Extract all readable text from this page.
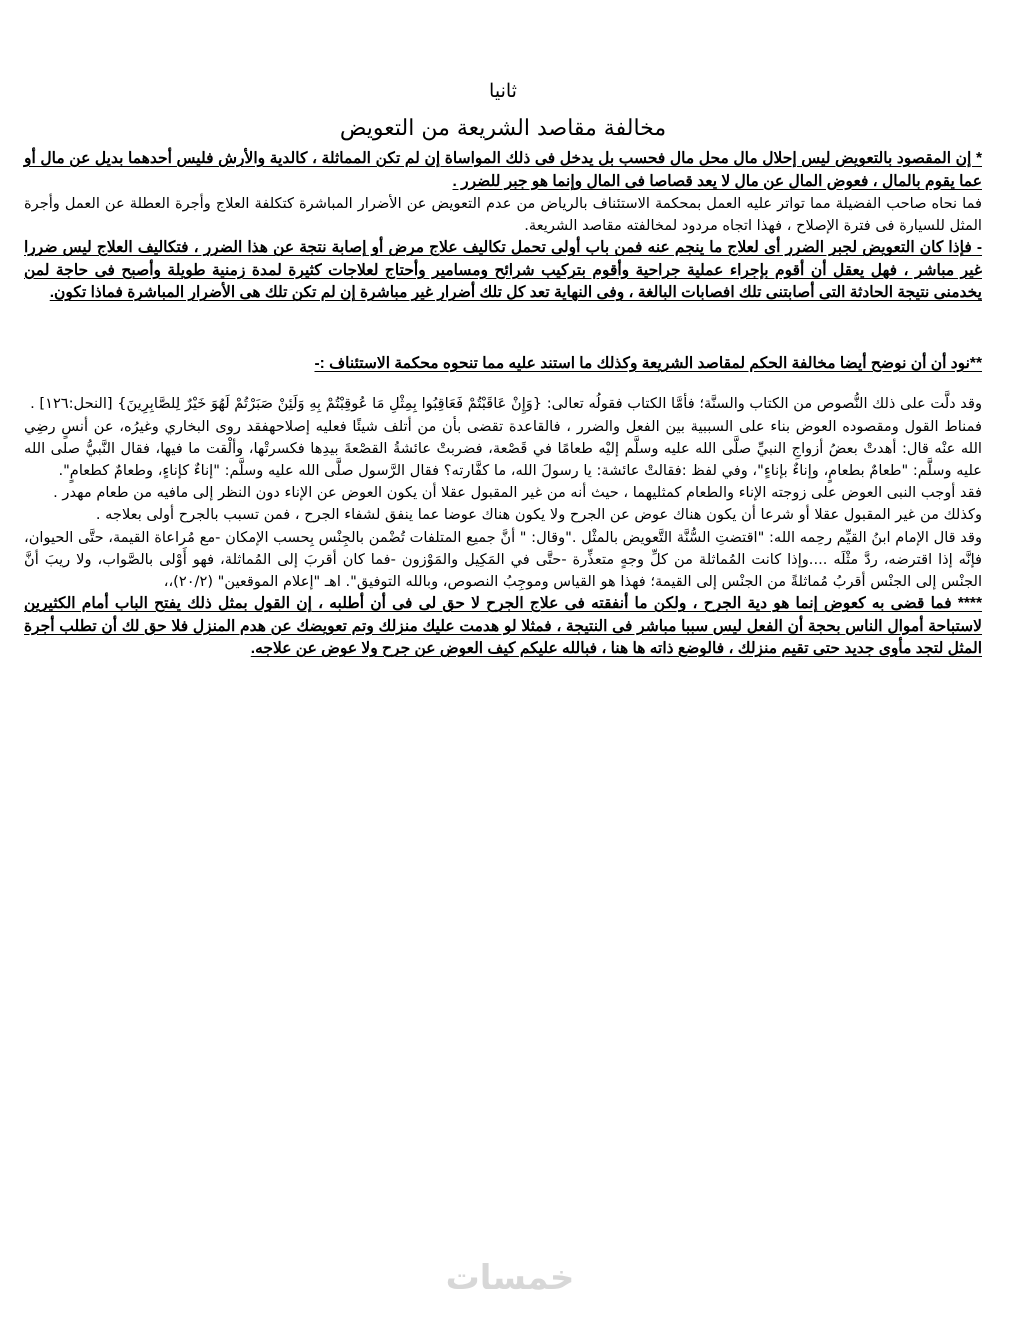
ثانيا
مخالفة مقاصد الشريعة من التعويض

* إن المقصود بالتعويض ليس إحلال مال محل مال فحسب بل يدخل فى ذلك المواساة إن لم تكن المماثلة ، كالدية والأرش فليس أحدهما بديل عن مال أو عما يقوم بالمال ، فعوض المال عن مال لا يعد قصاصا فى المال وإنما هو جبر للضرر .

فما نحاه صاحب الفضيلة مما تواتر عليه العمل بمحكمة الاستئناف بالرياض من عدم التعويض عن الأضرار المباشرة كتكلفة العلاج وأجرة العطلة عن العمل وأجرة المثل للسيارة فى فترة الإصلاح ، فهذا اتجاه مردود لمخالفته مقاصد الشريعة.

- فإذا كان التعويض لجبر الضرر أى لعلاج ما ينجم عنه فمن باب أولى تحمل تكاليف علاج مرض أو إصابة نتجة عن هذا الضرر ، فتكاليف العلاج ليس ضررا غير مباشر ، فهل يعقل أن أقوم بإجراء عملية جراحية وأقوم بتركيب شرائح ومسامير وأحتاج لعلاجات كثيرة لمدة زمنية طويلة وأصبح فى حاجة لمن يخدمنى نتيجة الحادثة التى أصابتنى تلك افصابات البالغة ، وفى النهاية تعد كل تلك أضرار غير مباشرة إن لم تكن تلك هى الأضرار المباشرة فماذا تكون.

**نود أن أن نوضح أيضا مخالفة الحكم لمقاصد الشريعة وكذلك ما استند عليه مما تنحوه محكمة الاستئناف :-

وقد دلَّت على ذلك النُّصوص من الكتاب والسنَّة؛ فأمَّا الكتاب فقولُه تعالى: {وَإِنْ عَاقَبْتُمْ فَعَاقِبُوا بِمِثْلِ مَا عُوقِبْتُمْ بِهِ وَلَئِنْ صَبَرْتُمْ لَهُوَ خَيْرٌ لِلصَّابِرِينَ} [النحل:١٢٦] .

فمناط القول ومقصوده العوض بناء على السببية بين الفعل والضرر ، فالقاعدة تقضى بأن من أتلف شيئًا فعليه إصلاحهفقد روى البخاري وغيرُه، عن أنسٍ رضِي الله عنْه قال: أهدتْ بعضُ أزواجِ النبيِّ صلَّى الله عليه وسلَّم إليْه طعامًا في قَصْعة، فضربتْ عائشةُ القصْعةَ بيدِها فكسرتْها، وألْقت ما فيها، فقال النَّبيُّ صلى الله عليه وسلَّم: "طعامٌ بطعامٍ، وإناءٌ بإناءٍ"، وفي لفظ :فقالتْ عائشة: يا رسولَ الله، ما كفَّارته؟ فقال الرَّسول صلَّى الله عليه وسلَّم: "إناءٌ كإناءٍ، وطعامٌ كطعامٍ".

فقد أوجب النبى العوض على زوجته الإناء والطعام كمثليهما ، حيث أنه من غير المقبول عقلا أن يكون العوض عن الإناء دون النظر إلى مافيه من طعام مهدر .

وكذلك من غير المقبول عقلا أو شرعا أن يكون هناك عوض عن الجرح ولا يكون هناك عوضا عما ينفق لشفاء الجرح ، فمن تسبب بالجرح أولى بعلاجه .

وقد قال الإمام ابنُ القيِّم رحِمه الله: "اقتضتِ السُّنَّة التَّعويض بالمثْل ."وقال: " أنَّ جميع المتلفات تُضْمن بالجِنْس بِحسب الإمكان -مع مُراعاة القيمة، حتَّى الحيوان، فإنَّه إذا اقترضه، ردَّ مثْلَه ....وإذا كانت المُماثلة من كلِّ وجهٍ متعذِّرة -حتَّى في المَكِيل والمَوْزون -فما كان أقربَ إلى المُماثلة، فهو أَوْلى بالصَّواب، ولا ريبَ أنَّ الجنْس إلى الجنْس أقربُ مُماثلةً من الجنْس إلى القيمة؛ فهذا هو القياس وموجِبُ النصوص، وبالله التوفيق". اهـ "إعلام الموقعين" (٢٠/٢)،،

**** فما قضى به كعوض إنما هو دية الجرح ، ولكن ما أنفقته فى علاج الجرح لا حق لى فى أن أطلبه ، إن القول بمثل ذلك يفتح الباب أمام الكثيرين لاستباحة أموال الناس بحجة أن الفعل ليس سببا مباشر فى النتيجة ، فمثلا لو هدمت عليك منزلك وتم تعويضك عن هدم المنزل فلا حق لك أن تطلب أجرة المثل لتجد مأوى جديد حتى تقيم منزلك ، فالوضع ذاته ها هنا ، فبالله عليكم كيف العوض عن جرح ولا عوض عن علاجه.

خمسات
